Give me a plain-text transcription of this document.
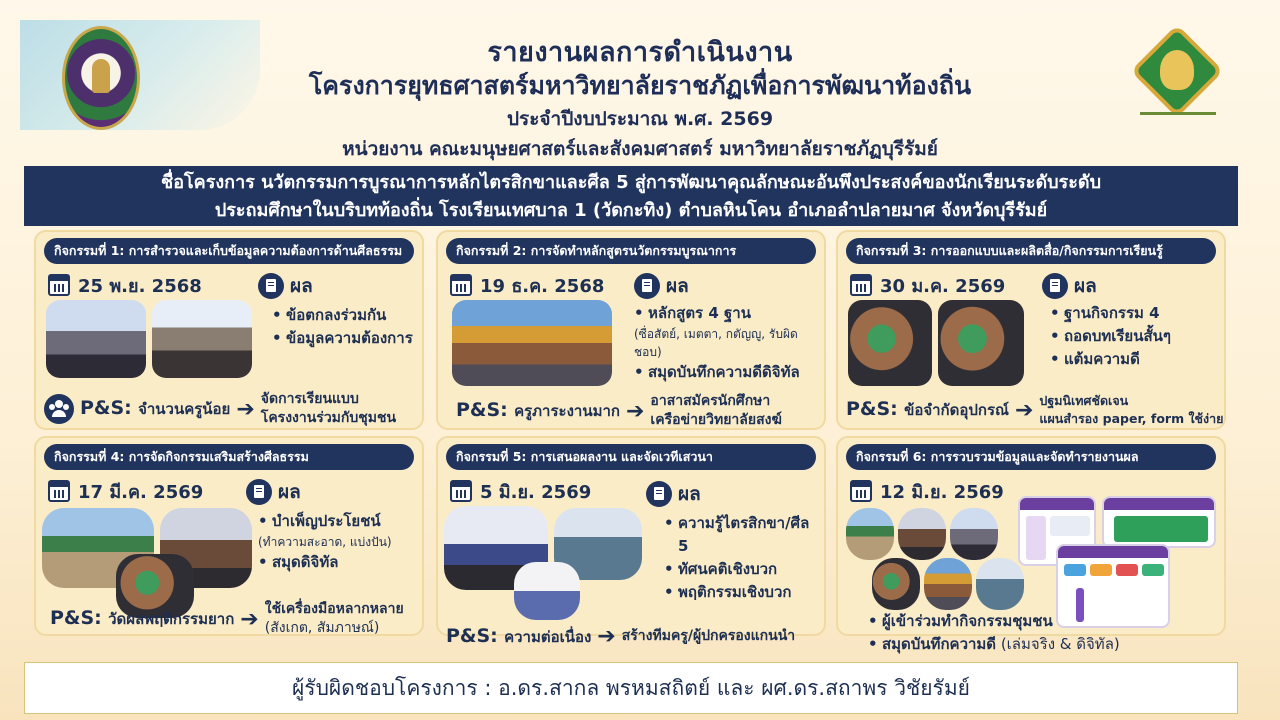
รายงานผลการดำเนินงาน
โครงการยุทธศาสตร์มหาวิทยาลัยราชภัฏเพื่อการพัฒนาท้องถิ่น
ประจำปีงบประมาณ พ.ศ. 2569
หน่วยงาน คณะมนุษยศาสตร์และสังคมศาสตร์ มหาวิทยาลัยราชภัฏบุรีรัมย์
ชื่อโครงการ นวัตกรรมการบูรณาการหลักไตรสิกขาและศีล 5 สู่การพัฒนาคุณลักษณะอันพึงประสงค์ของนักเรียนระดับระดับ
ประถมศึกษาในบริบทท้องถิ่น โรงเรียนเทศบาล 1 (วัดกะทิง) ตำบลหินโคน อำเภอลำปลายมาศ จังหวัดบุรีรัมย์
กิจกรรมที่ 1: การสำรวจและเก็บข้อมูลความต้องการด้านศีลธรรม
25 พ.ย. 2568	ผล
• ข้อตกลงร่วมกัน
• ข้อมูลความต้องการ
P&S: จำนวนครูน้อย ➔ จัดการเรียนแบบ
โครงงานร่วมกับชุมชน
กิจกรรมที่ 2: การจัดทำหลักสูตรนวัตกรรมบูรณาการ
19 ธ.ค. 2568	ผล
• หลักสูตร 4 ฐาน
(ซื่อสัตย์, เมตตา, กตัญญู, รับผิดชอบ)
• สมุดบันทึกความดีดิจิทัล
P&S: ครูภาระงานมาก ➔ อาสาสมัครนักศึกษา
เครือข่ายวิทยาลัยสงฆ์
กิจกรรมที่ 3: การออกแบบและผลิตสื่อ/กิจกรรมการเรียนรู้
30 ม.ค. 2569	ผล
• ฐานกิจกรรม 4
• ถอดบทเรียนสั้นๆ
• แต้มความดี
P&S: ข้อจำกัดอุปกรณ์ ➔ ปฐมนิเทศชัดเจน
แผนสำรอง paper, form ใช้ง่าย
กิจกรรมที่ 4: การจัดกิจกรรมเสริมสร้างศีลธรรม
17 มี.ค. 2569	ผล
• บำเพ็ญประโยชน์
(ทำความสะอาด, แบ่งปัน)
• สมุดดิจิทัล
P&S: วัดผลพฤติกรรมยาก ➔ ใช้เครื่องมือหลากหลาย
(สังเกต, สัมภาษณ์)
กิจกรรมที่ 5: การเสนอผลงาน และจัดเวทีเสวนา
5 มิ.ย. 2569	ผล
• ความรู้ไตรสิกขา/ศีล 5
• ทัศนคติเชิงบวก
• พฤติกรรมเชิงบวก
P&S: ความต่อเนื่อง ➔ สร้างทีมครู/ผู้ปกครองแกนนำ
กิจกรรมที่ 6: การรวบรวมข้อมูลและจัดทำรายงานผล
12 มิ.ย. 2569
• ผู้เข้าร่วมทำกิจกรรมชุมชน
• สมุดบันทึกความดี (เล่มจริง & ดิจิทัล)
ผู้รับผิดชอบโครงการ : อ.ดร.สากล พรหมสถิตย์ และ ผศ.ดร.สถาพร วิชัยรัมย์
